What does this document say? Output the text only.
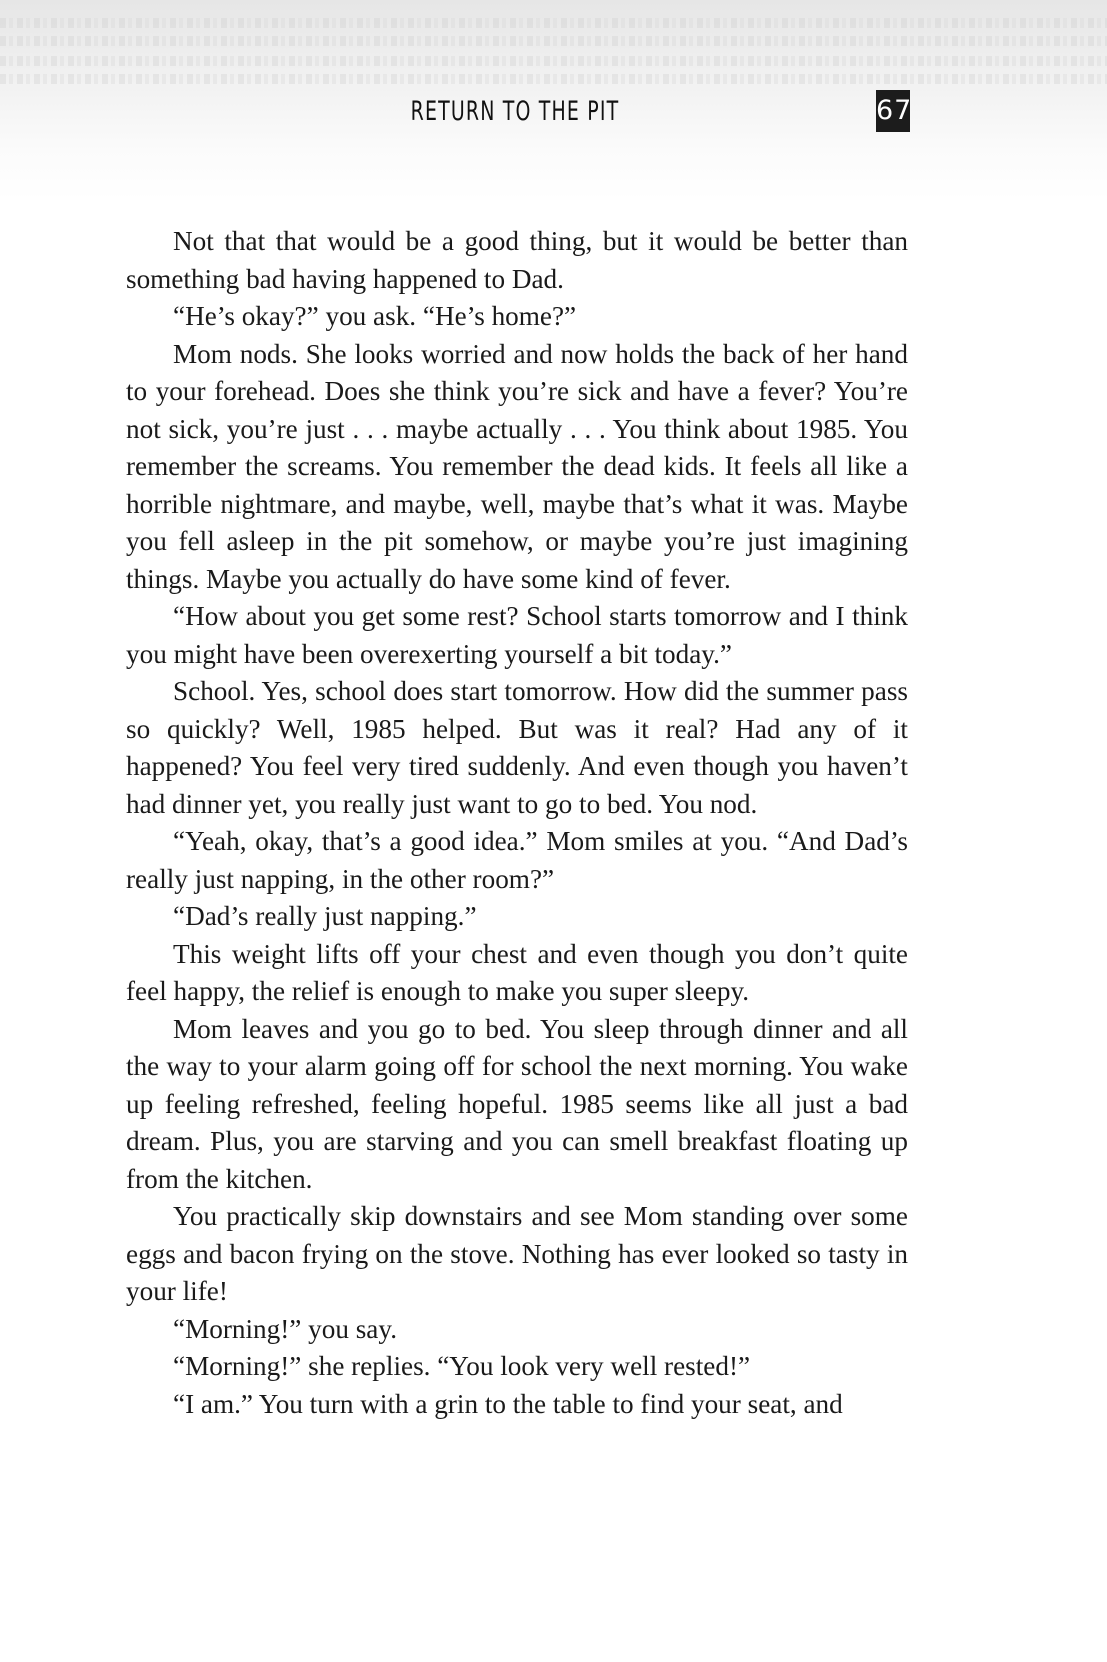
RETURN TO THE PIT	67

Not that that would be a good thing, but it would be better than something bad having happened to Dad.

“He’s okay?” you ask. “He’s home?”

Mom nods. She looks worried and now holds the back of her hand to your forehead. Does she think you’re sick and have a fever? You’re not sick, you’re just . . . maybe actually . . . You think about 1985. You remember the screams. You remember the dead kids. It feels all like a horrible nightmare, and maybe, well, maybe that’s what it was. Maybe you fell asleep in the pit somehow, or maybe you’re just imagining things. Maybe you actually do have some kind of fever.

“How about you get some rest? School starts tomorrow and I think you might have been overexerting yourself a bit today.”

School. Yes, school does start tomorrow. How did the summer pass so quickly? Well, 1985 helped. But was it real? Had any of it happened? You feel very tired suddenly. And even though you haven’t had dinner yet, you really just want to go to bed. You nod.

“Yeah, okay, that’s a good idea.” Mom smiles at you. “And Dad’s really just napping, in the other room?”

“Dad’s really just napping.”

This weight lifts off your chest and even though you don’t quite feel happy, the relief is enough to make you super sleepy.

Mom leaves and you go to bed. You sleep through dinner and all the way to your alarm going off for school the next morning. You wake up feeling refreshed, feeling hopeful. 1985 seems like all just a bad dream. Plus, you are starving and you can smell breakfast floating up from the kitchen.

You practically skip downstairs and see Mom standing over some eggs and bacon frying on the stove. Nothing has ever looked so tasty in your life!

“Morning!” you say.

“Morning!” she replies. “You look very well rested!”

“I am.” You turn with a grin to the table to find your seat, and
